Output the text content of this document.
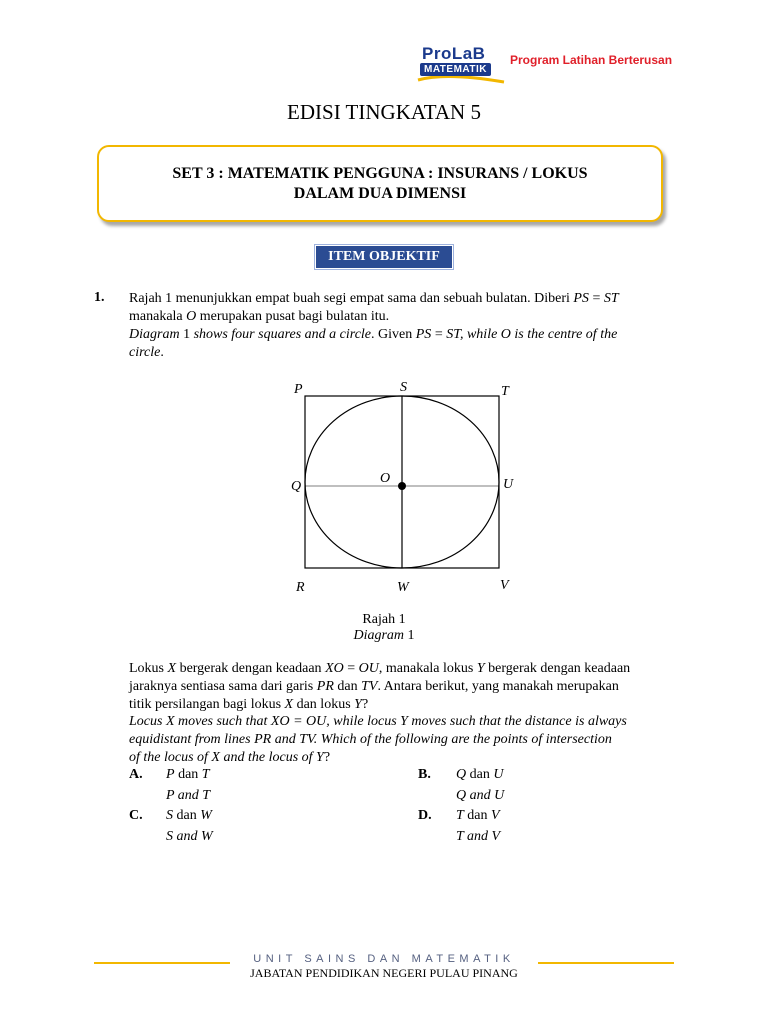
ProLaB
MATEMATIK
Program Latihan Berterusan
EDISI TINGKATAN 5
SET 3 : MATEMATIK PENGGUNA : INSURANS / LOKUS
DALAM DUA DIMENSI
ITEM OBJEKTIF
1. Rajah 1 menunjukkan empat buah segi empat sama dan sebuah bulatan. Diberi PS = ST
manakala O merupakan pusat bagi bulatan itu.
Diagram 1 shows four squares and a circle. Given PS = ST, while O is the centre of the
circle.
P	S	T
Q
O	U
R	W	V
Rajah 1
Diagram 1
Lokus X bergerak dengan keadaan XO = OU, manakala lokus Y bergerak dengan keadaan
jaraknya sentiasa sama dari garis PR dan TV. Antara berikut, yang manakah merupakan
titik persilangan bagi lokus X dan lokus Y?
Locus X moves such that XO = OU, while locus Y moves such that the distance is always
equidistant from lines PR and TV. Which of the following are the points of intersection
of the locus of X and the locus of Y?
A. P dan T
P and T
B. Q dan U
Q and U
C. S dan W
S and W
D. T dan V
T and V
UNIT SAINS DAN MATEMATIK
JABATAN PENDIDIKAN NEGERI PULAU PINANG
